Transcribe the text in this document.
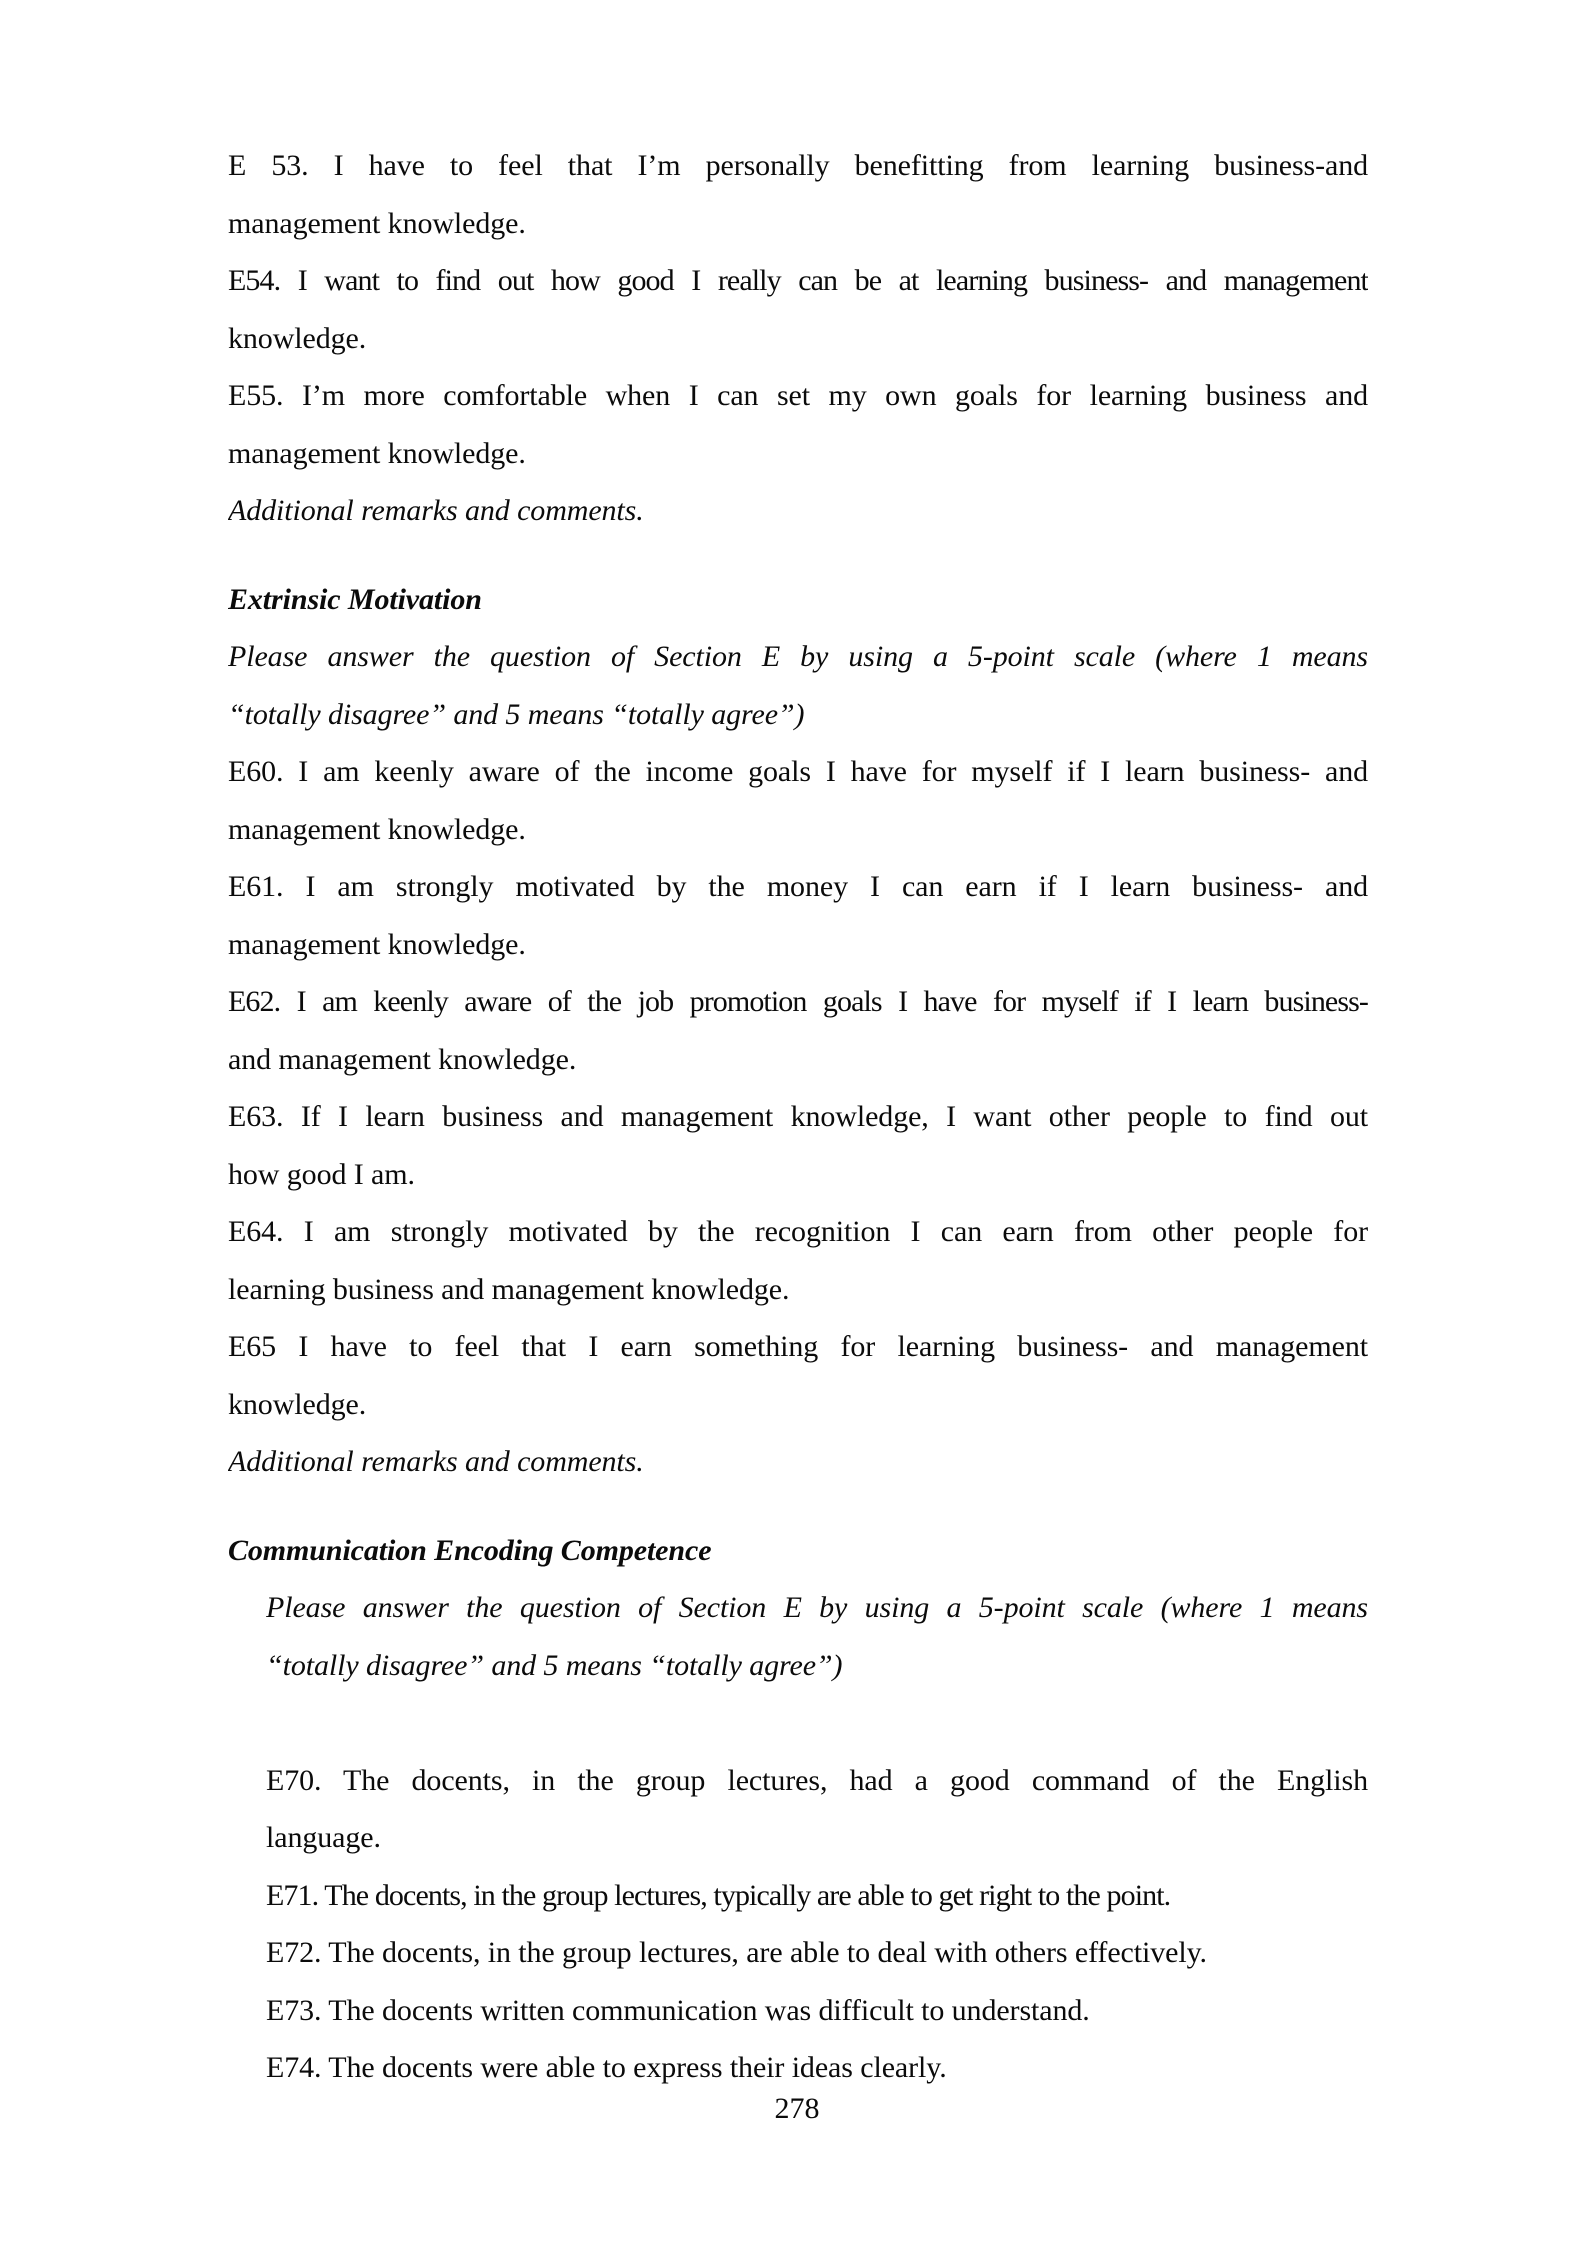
E 53. I have to feel that I’m personally benefitting from learning business-and
management knowledge.
E54. I want to find out how good I really can be at learning business- and management
knowledge.
E55. I’m more comfortable when I can set my own goals for learning business and
management knowledge.
Additional remarks and comments.
Extrinsic Motivation
Please answer the question of Section E by using a 5-point scale (where 1 means
“totally disagree” and 5 means “totally agree”)
E60. I am keenly aware of the income goals I have for myself if I learn business- and
management knowledge.
E61. I am strongly motivated by the money I can earn if I learn business- and
management knowledge.
E62. I am keenly aware of the job promotion goals I have for myself if I learn business-
and management knowledge.
E63. If I learn business and management knowledge, I want other people to find out
how good I am.
E64. I am strongly motivated by the recognition I can earn from other people for
learning business and management knowledge.
E65 I have to feel that I earn something for learning business- and management
knowledge.
Additional remarks and comments.
Communication Encoding Competence
Please answer the question of Section E by using a 5-point scale (where 1 means
“totally disagree” and 5 means “totally agree”)
E70. The docents, in the group lectures, had a good command of the English
language.
E71. The docents, in the group lectures, typically are able to get right to the point.
E72. The docents, in the group lectures, are able to deal with others effectively.
E73. The docents written communication was difficult to understand.
E74. The docents were able to express their ideas clearly.
278
